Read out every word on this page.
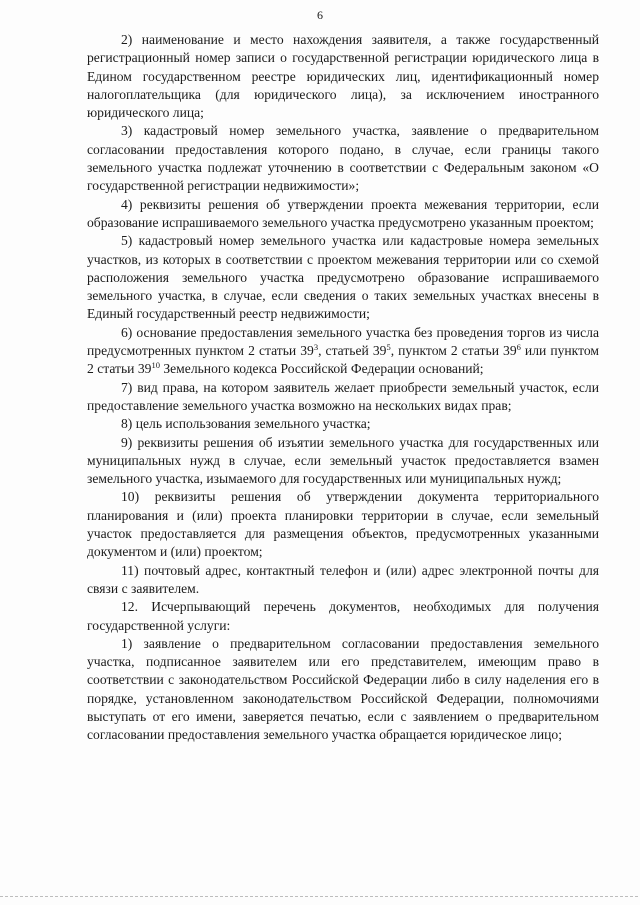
6

2) наименование и место нахождения заявителя, а также государственный регистрационный номер записи о государственной регистрации юридического лица в Едином государственном реестре юридических лиц, идентификационный номер налогоплательщика (для юридического лица), за исключением иностранного юридического лица;

3) кадастровый номер земельного участка, заявление о предварительном согласовании предоставления которого подано, в случае, если границы такого земельного участка подлежат уточнению в соответствии с Федеральным законом «О государственной регистрации недвижимости»;

4) реквизиты решения об утверждении проекта межевания территории, если образование испрашиваемого земельного участка предусмотрено указанным проектом;

5) кадастровый номер земельного участка или кадастровые номера земельных участков, из которых в соответствии с проектом межевания территории или со схемой расположения земельного участка предусмотрено образование испрашиваемого земельного участка, в случае, если сведения о таких земельных участках внесены в Единый государственный реестр недвижимости;

6) основание предоставления земельного участка без проведения торгов из числа предусмотренных пунктом 2 статьи $39^3$, статьей $39^5$, пунктом 2 статьи $39^6$ или пунктом 2 статьи $39^{10}$ Земельного кодекса Российской Федерации оснований;

7) вид права, на котором заявитель желает приобрести земельный участок, если предоставление земельного участка возможно на нескольких видах прав;

8) цель использования земельного участка;

9) реквизиты решения об изъятии земельного участка для государственных или муниципальных нужд в случае, если земельный участок предоставляется взамен земельного участка, изымаемого для государственных или муниципальных нужд;

10) реквизиты решения об утверждении документа территориального планирования и (или) проекта планировки территории в случае, если земельный участок предоставляется для размещения объектов, предусмотренных указанными документом и (или) проектом;

11) почтовый адрес, контактный телефон и (или) адрес электронной почты для связи с заявителем.

12. Исчерпывающий перечень документов, необходимых для получения государственной услуги:

1) заявление о предварительном согласовании предоставления земельного участка, подписанное заявителем или его представителем, имеющим право в соответствии с законодательством Российской Федерации либо в силу наделения его в порядке, установленном законодательством Российской Федерации, полномочиями выступать от его имени, заверяется печатью, если с заявлением о предварительном согласовании предоставления земельного участка обращается юридическое лицо;
